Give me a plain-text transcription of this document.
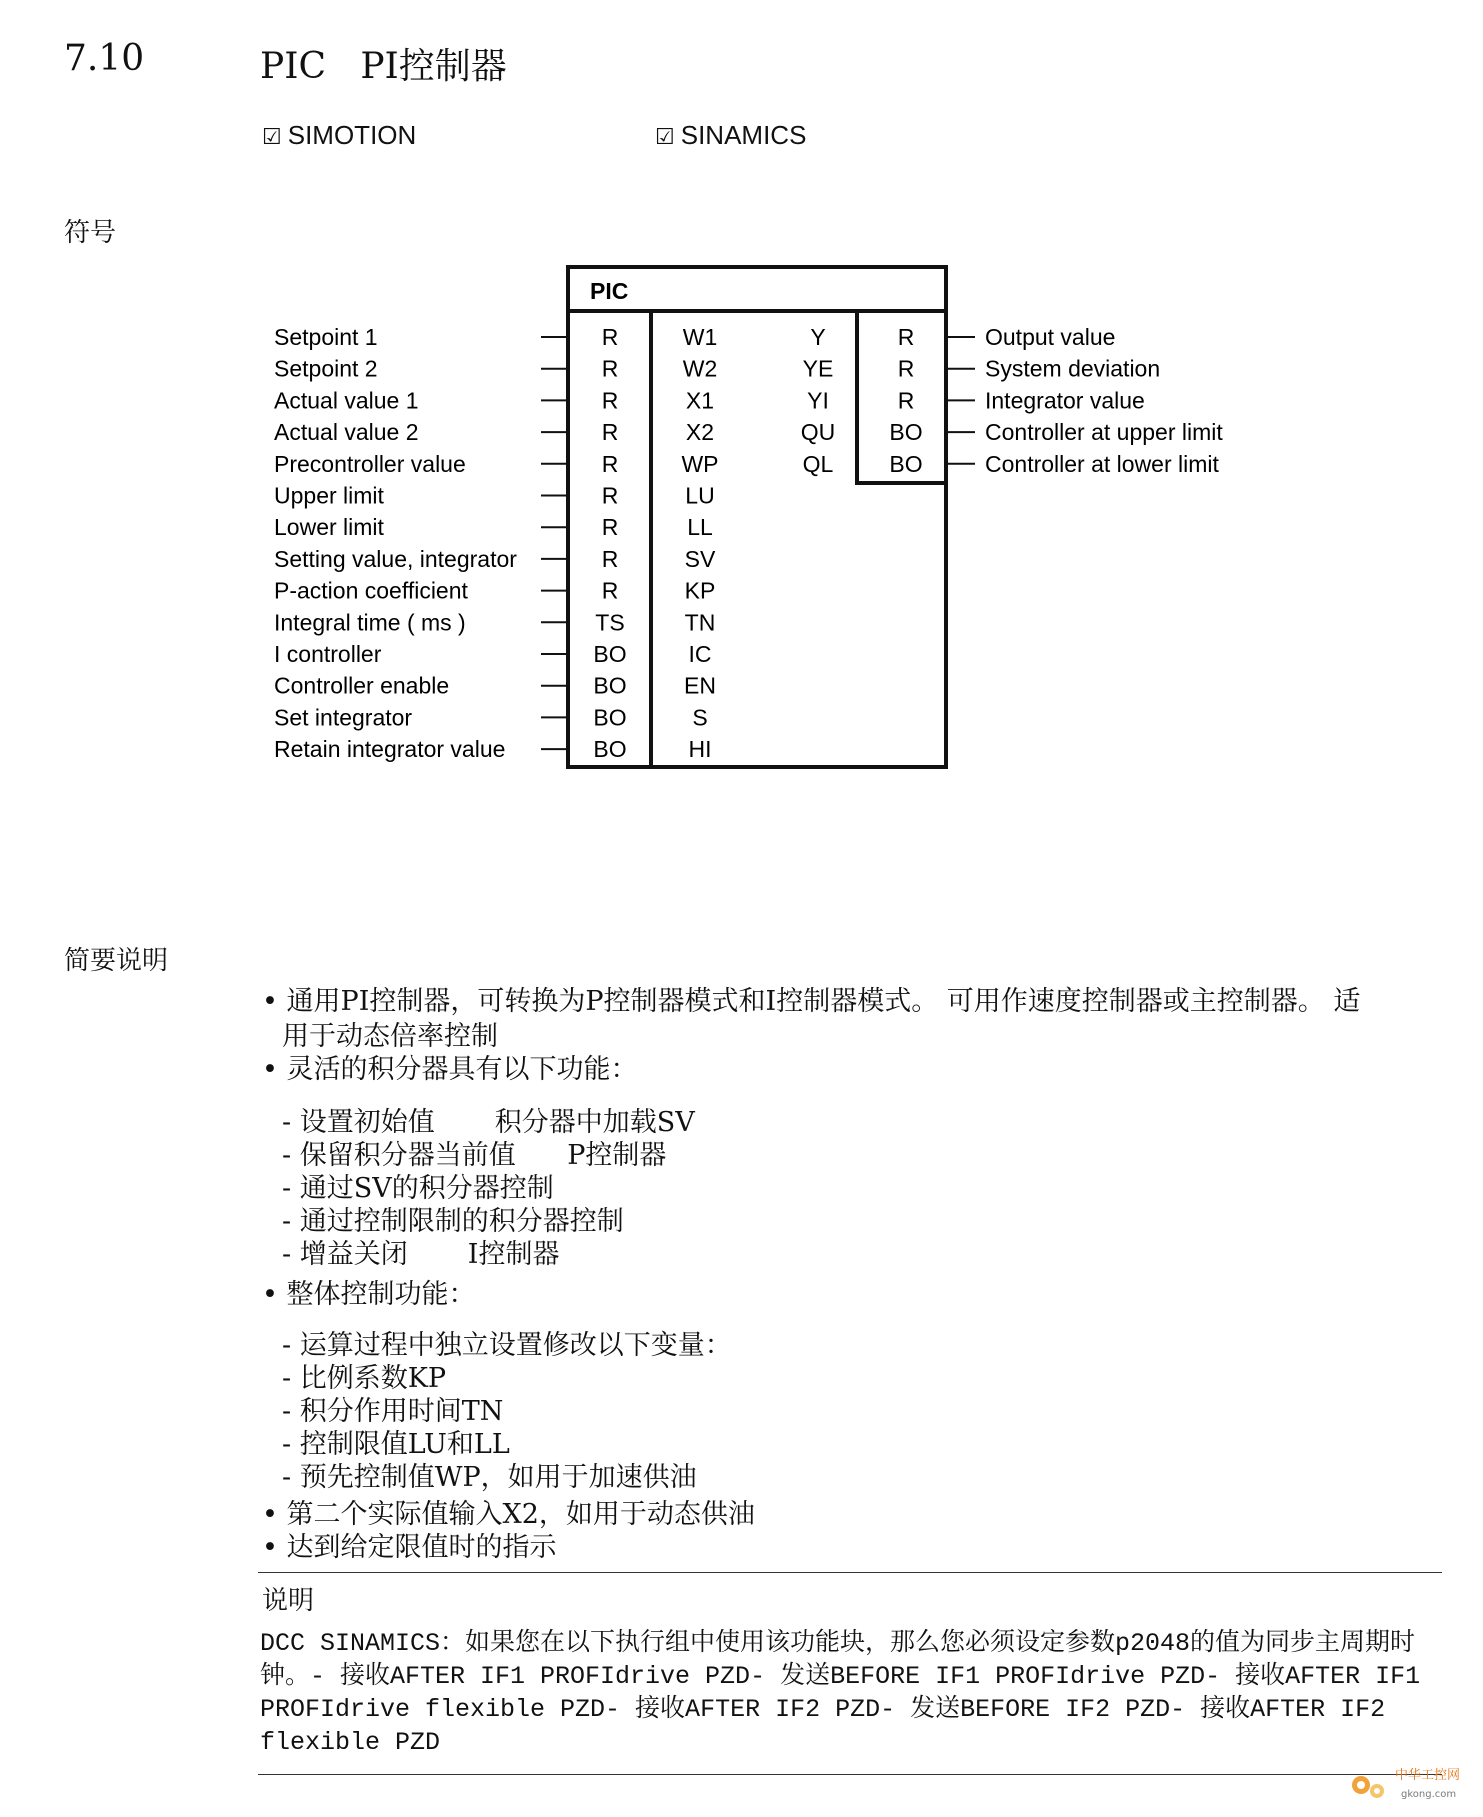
7.10	PIC   PI控制器
☑ SIMOTION	☑ SINAMICS
符号
PIC
Setpoint 1	R	W1
Setpoint 2	R	W2
Actual value 1	R	X1
Actual value 2	R	X2
Precontroller value	R	WP
Upper limit	R	LU
Lower limit	R	LL
Setting value, integrator	R	SV
P-action coefficient	R	KP
Integral time ( ms )	TS	TN
I controller	BO	IC
Controller enable	BO EN
Set integrator	BO	S
Retain integrator value	BO	HI
Y	R	Output value
YE	R	System deviation
YI	R	Integrator value
QU BO	Controller at upper limit
QL BO	Controller at lower limit
简要说明
• 通用PI控制器，可转换为P控制器模式和I控制器模式。 可用作速度控制器或主控制器。 适
用于动态倍率控制
• 灵活的积分器具有以下功能：
- 设置初始值       积分器中加载SV
- 保留积分器当前值      P控制器
- 通过SV的积分器控制
- 通过控制限制的积分器控制
- 增益关闭       I控制器
• 整体控制功能：
- 运算过程中独立设置修改以下变量：
- 比例系数KP
- 积分作用时间TN
- 控制限值LU和LL
- 预先控制值WP，如用于加速供油
• 第二个实际值输入X2，如用于动态供油
• 达到给定限值时的指示
说明
DCC SINAMICS：如果您在以下执行组中使用该功能块，那么您必须设定参数p2048的值为同步主周期时钟。- 接收AFTER IF1 PROFIdrive PZD- 发送BEFORE IF1 PROFIdrive PZD- 接收AFTER IF1 PROFIdrive flexible PZD- 接收AFTER IF2 PZD- 发送BEFORE IF2 PZD- 接收AFTER IF2 flexible PZD
中华工控网
gkong.com
